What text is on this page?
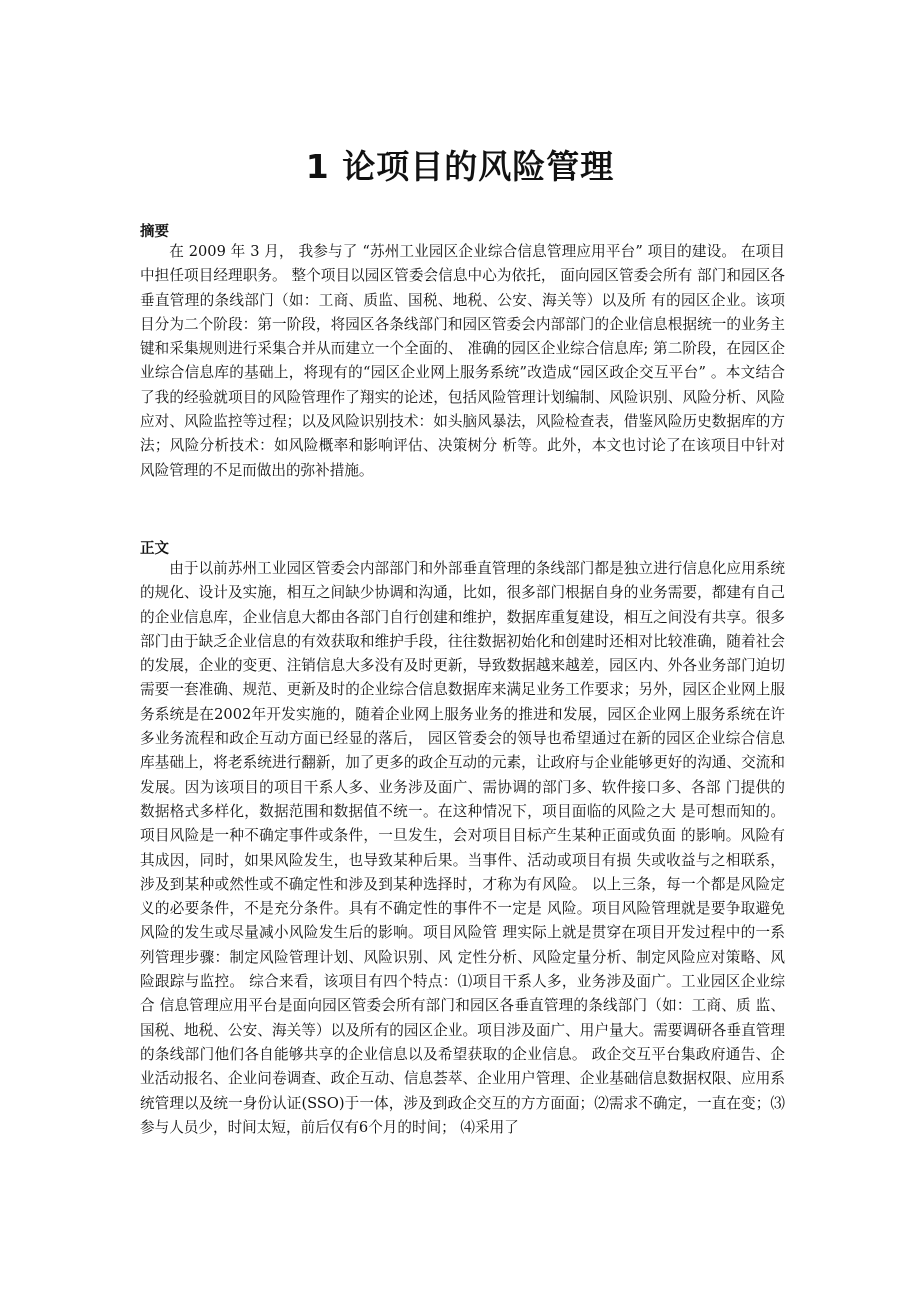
1 论项目的风险管理
摘要

在 2009 年 3 月， 我参与了 “苏州工业园区企业综合信息管理应用平台” 项目的建设。 在项目中担任项目经理职务。 整个项目以园区管委会信息中心为依托， 面向园区管委会所有 部门和园区各垂直管理的条线部门（如：工商、质监、国税、地税、公安、海关等）以及所 有的园区企业。该项目分为二个阶段：第一阶段，将园区各条线部门和园区管委会内部部门的企业信息根据统一的业务主键和采集规则进行采集合并从而建立一个全面的、 准确的园区企业综合信息库; 第二阶段，在园区企业综合信息库的基础上，将现有的“园区企业网上服务系统”改造成“园区政企交互平台” 。本文结合了我的经验就项目的风险管理作了翔实的论述，包括风险管理计划编制、风险识别、风险分析、风险应对、风险监控等过程；以及风险识别技术：如头脑风暴法，风险检查表，借鉴风险历史数据库的方法；风险分析技术：如风险概率和影响评估、决策树分 析等。此外，本文也讨论了在该项目中针对风险管理的不足而做出的弥补措施。

正文

由于以前苏州工业园区管委会内部部门和外部垂直管理的条线部门都是独立进行信息化应用系统的规化、设计及实施，相互之间缺少协调和沟通，比如，很多部门根据自身的业务需要，都建有自己的企业信息库，企业信息大都由各部门自行创建和维护，数据库重复建设，相互之间没有共享。很多部门由于缺乏企业信息的有效获取和维护手段，往往数据初始化和创建时还相对比较准确，随着社会的发展，企业的变更、注销信息大多没有及时更新，导致数据越来越差，园区内、外各业务部门迫切需要一套准确、规范、更新及时的企业综合信息数据库来满足业务工作要求；另外，园区企业网上服务系统是在2002年开发实施的，随着企业网上服务业务的推进和发展，园区企业网上服务系统在许多业务流程和政企互动方面已经显的落后， 园区管委会的领导也希望通过在新的园区企业综合信息库基础上，将老系统进行翻新，加了更多的政企互动的元素，让政府与企业能够更好的沟通、交流和发展。因为该项目的项目干系人多、业务涉及面广、需协调的部门多、软件接口多、各部 门提供的数据格式多样化，数据范围和数据值不统一。在这种情况下，项目面临的风险之大 是可想而知的。 项目风险是一种不确定事件或条件，一旦发生，会对项目目标产生某种正面或负面 的影响。风险有其成因，同时，如果风险发生，也导致某种后果。当事件、活动或项目有损 失或收益与之相联系，涉及到某种或然性或不确定性和涉及到某种选择时，才称为有风险。 以上三条，每一个都是风险定义的必要条件，不是充分条件。具有不确定性的事件不一定是 风险。项目风险管理就是要争取避免风险的发生或尽量减小风险发生后的影响。项目风险管 理实际上就是贯穿在项目开发过程中的一系列管理步骤：制定风险管理计划、风险识别、风 定性分析、风险定量分析、制定风险应对策略、风险跟踪与监控。 综合来看，该项目有四个特点：⑴项目干系人多，业务涉及面广。工业园区企业综合 信息管理应用平台是面向园区管委会所有部门和园区各垂直管理的条线部门（如：工商、质 监、国税、地税、公安、海关等）以及所有的园区企业。项目涉及面广、用户量大。需要调研各垂直管理的条线部门他们各自能够共享的企业信息以及希望获取的企业信息。 政企交互平台集政府通告、企业活动报名、企业问卷调查、政企互动、信息荟萃、企业用户管理、企业基础信息数据权限、应用系统管理以及统一身份认证(SSO)于一体，涉及到政企交互的方方面面；⑵需求不确定，一直在变；⑶参与人员少，时间太短，前后仅有6个月的时间； ⑷采用了
